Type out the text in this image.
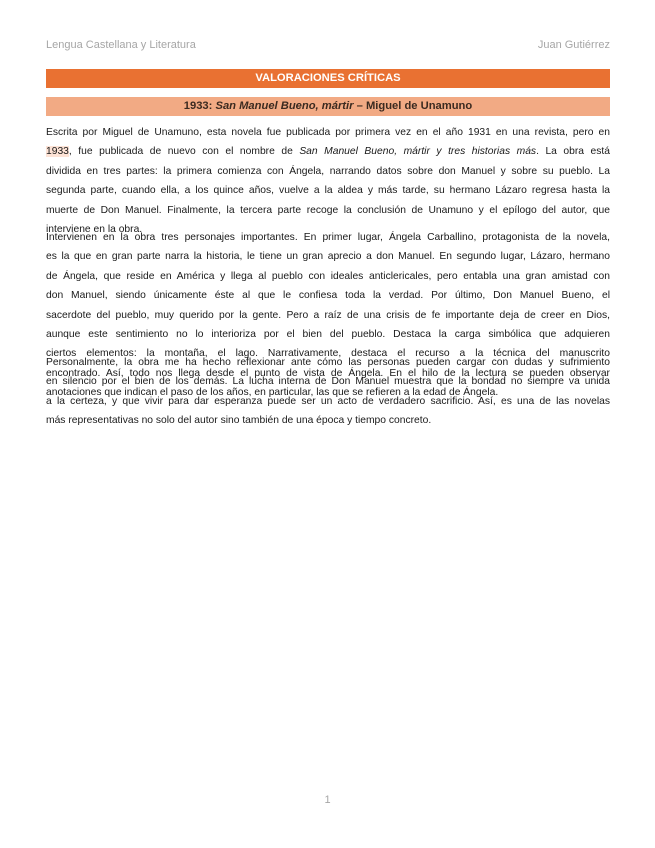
Lengua Castellana y Literatura	Juan Gutiérrez
VALORACIONES CRÍTICAS
1933: San Manuel Bueno, mártir – Miguel de Unamuno
Escrita por Miguel de Unamuno, esta novela fue publicada por primera vez en el año 1931 en una revista, pero en
1933, fue publicada de nuevo con el nombre de San Manuel Bueno, mártir y tres historias más. La obra está
dividida en tres partes: la primera comienza con Ángela, narrando datos sobre don Manuel y sobre su pueblo. La
segunda parte, cuando ella, a los quince años, vuelve a la aldea y más tarde, su hermano Lázaro regresa hasta la
muerte de Don Manuel. Finalmente, la tercera parte recoge la conclusión de Unamuno y el epílogo del autor, que
interviene en la obra.
Intervienen en la obra tres personajes importantes. En primer lugar, Ángela Carballino, protagonista de la novela,
es la que en gran parte narra la historia, le tiene un gran aprecio a don Manuel. En segundo lugar, Lázaro, hermano
de Ángela, que reside en América y llega al pueblo con ideales anticlericales, pero entabla una gran amistad con
don Manuel, siendo únicamente éste al que le confiesa toda la verdad. Por último, Don Manuel Bueno, el
sacerdote del pueblo, muy querido por la gente. Pero a raíz de una crisis de fe importante deja de creer en Dios,
aunque este sentimiento no lo interioriza por el bien del pueblo. Destaca la carga simbólica que adquieren
ciertos elementos: la montaña, el lago. Narrativamente, destaca el recurso a la técnica del manuscrito
encontrado. Así, todo nos llega desde el punto de vista de Ángela. En el hilo de la lectura se pueden observar
anotaciones que indican el paso de los años, en particular, las que se refieren a la edad de Ángela.
Personalmente, la obra me ha hecho reflexionar ante cómo las personas pueden cargar con dudas y sufrimiento
en silencio por el bien de los demás. La lucha interna de Don Manuel muestra que la bondad no siempre va unida
a la certeza, y que vivir para dar esperanza puede ser un acto de verdadero sacrificio. Así, es una de las novelas
más representativas no solo del autor sino también de una época y tiempo concreto.
1
